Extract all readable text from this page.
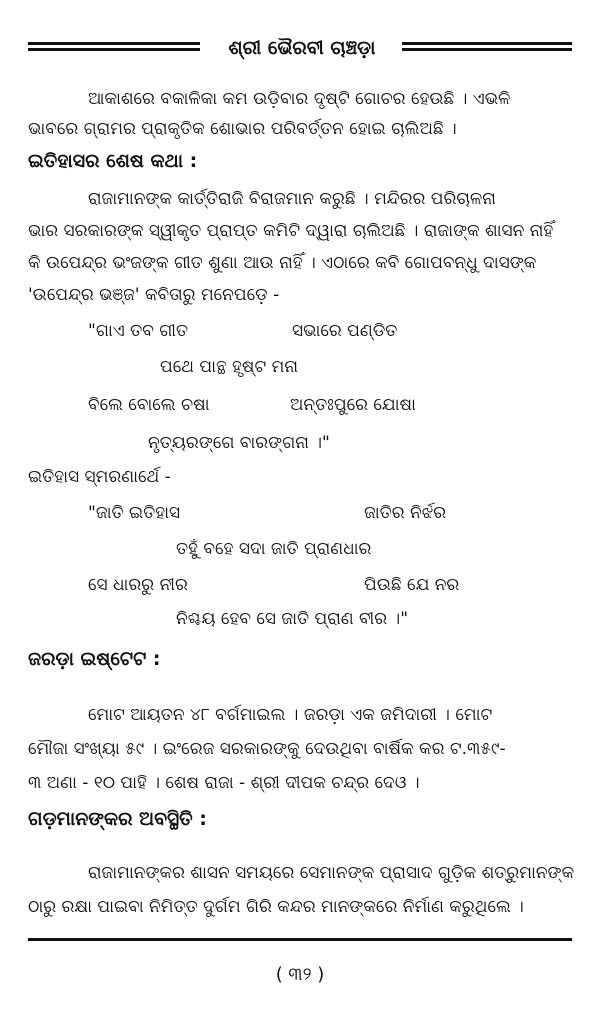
ଶ୍ରୀ ଭୈରବୀ ଚାଞ୍ଚଡ଼ା
ଆକାଶରେ ବକାଳିକା କମ ଉଡ଼ିବାର ଦୃଷ୍ଟି ଗୋଚର ହେଉଛି । ଏଭଳି
ଭାବରେ ଗ୍ରାମର ପ୍ରାକୃତିକ ଶୋଭାର ପରିବର୍ତ୍ତନ ହୋଇ ଚାଲିଅଛି ।
ଇତିହାସର ଶେଷ କଥା :
ରାଜାମାନଙ୍କ କାର୍ତ୍ତିରାଜି ବିରାଜମାନ କରୁଛି । ମନ୍ଦିରର ପରିଚାଳନା
ଭାର ସରକାରଙ୍କ ସ୍ୱୀକୃତ ପ୍ରାପ୍ତ କମିଟି ଦ୍ୱାରା ଚାଲିଅଛି । ରାଜାଙ୍କ ଶାସନ ନାହିଁ
କି ଉପେନ୍ଦ୍ର ଭଂଜଙ୍କ ଗୀତ ଶୁଣା ଆଉ ନାହିଁ । ଏଠାରେ କବି ଗୋପବନ୍ଧୁ ଦାସଙ୍କ
'ଉପେନ୍ଦ୍ର ଭଞ୍ଜ' କବିତାରୁ ମନେପଡ଼େ -
"ଗାଏ ତବ ଗୀତ	ସଭାରେ ପଣ୍ଡିତ
ପଥେ ପାନ୍ଥ ହୃଷ୍ଟ ମନା
ବିଲେ ବୋଲେ ଚଷା	ଅନ୍ତଃପୁରେ ଯୋଷା
ନୃତ୍ୟରଙ୍ଗେ ବାରଙ୍ଗନା ।"
ଇତିହାସ ସ୍ମରଣାର୍ଥେ -
"ଜାତି ଇତିହାସ	ଜାତିର ନିର୍ଝର
ତହୁଁ ବହେ ସଦା ଜାତି ପ୍ରାଣଧାର
ସେ ଧାରରୁ ନୀର	ପିଉଛି ଯେ ନର
ନିଶ୍ଚୟ ହେବ ସେ ଜାତି ପ୍ରାଣ ବୀର ।"
ଜରଡ଼ା ଇଷ୍ଟେଟ :
ମୋଟ ଆୟତନ ୪୮ ବର୍ଗମାଇଲ । ଜରଡ଼ା ଏକ ଜମିଦାରୀ । ମୋଟ
ମୌଜା ସଂଖ୍ୟା ୫୯ । ଇଂରେଜ ସରକାରଙ୍କୁ ଦେଉଥିବା ବାର୍ଷିକ କର ଟ.୩୫୯-
୩ ଅଣା - ୧୦ ପାହି । ଶେଷ ରାଜା - ଶ୍ରୀ ଦୀପକ ଚନ୍ଦ୍ର ଦେଓ ।
ଗଡ଼ମାନଙ୍କର ଅବସ୍ଥିତି :
ରାଜାମାନଙ୍କର ଶାସନ ସମୟରେ ସେମାନଙ୍କ ପ୍ରାସାଦ ଗୁଡ଼ିକ ଶତ୍ରୁମାନଙ୍କ
ଠାରୁ ରକ୍ଷା ପାଇବା ନିମିତ୍ତ ଦୁର୍ଗମ ଗିରି କନ୍ଦର ମାନଙ୍କରେ ନିର୍ମାଣ କରୁଥିଲେ ।
( ୩୨ )
